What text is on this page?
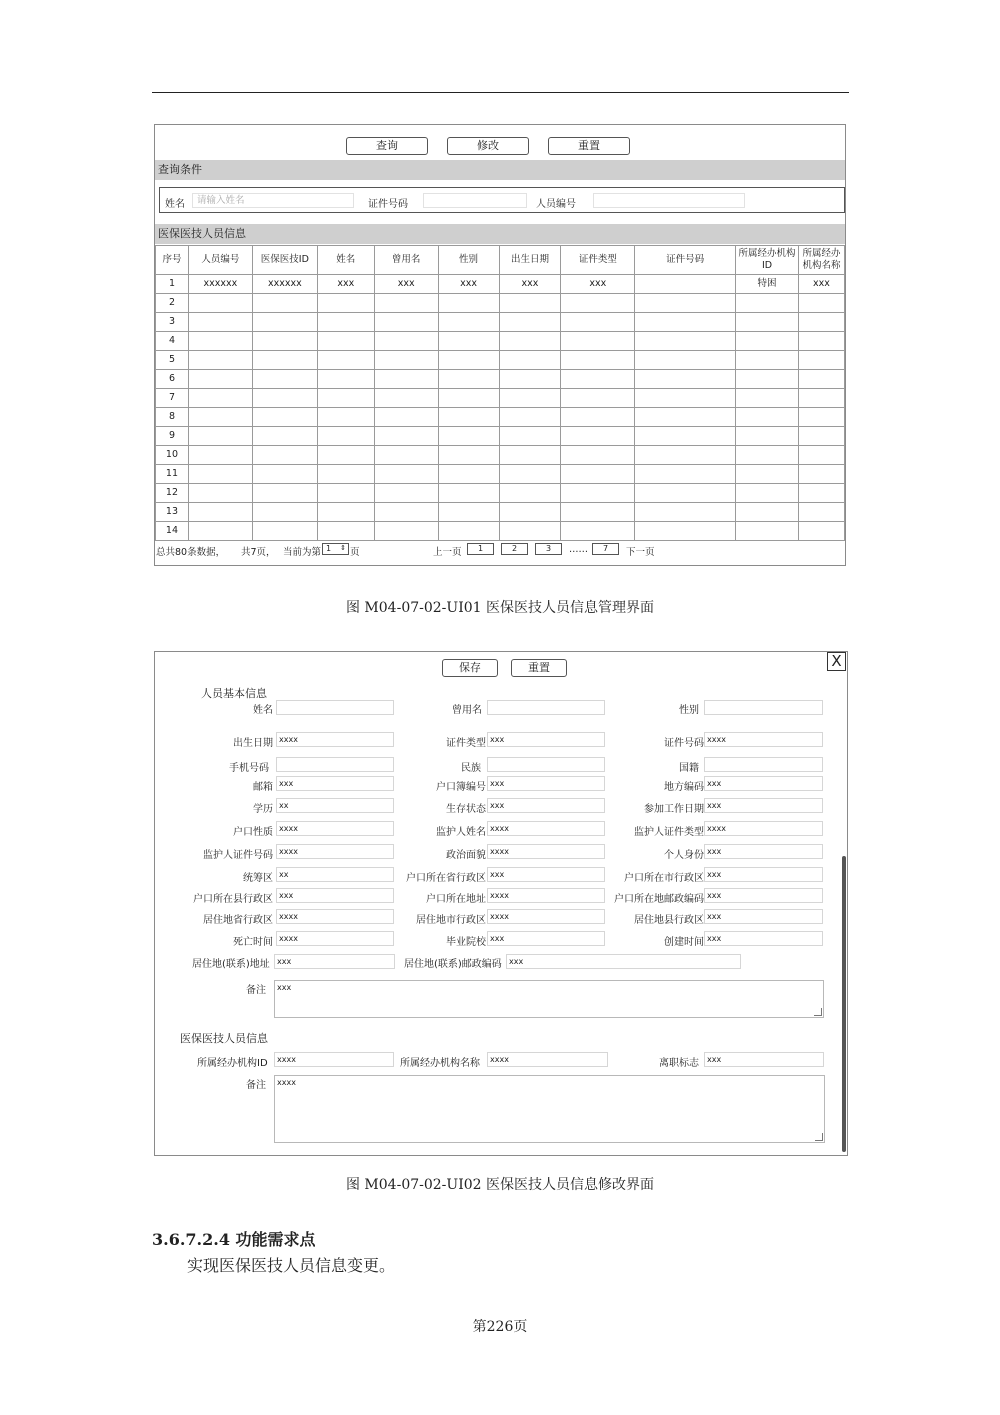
查询	修改	重置
查询条件
姓名	请输入姓名	证件号码	人员编号
医保医技人员信息
序号	人员编号	医保医技ID	姓名	曾用名	性别	出生日期	证件类型	证件号码	所属经办机构ID	所属经办机构名称
1	xxxxxx	xxxxxx	xxx	xxx	xxx	xxx	xxx		特困	xxx
2										
3										
4										
5										
6										
7										
8										
9										
10										
11										
12										
13										
14										
总共80条数据， 共7页， 当前为第 1 ⇕ 页	上一页	1	2	3	……	7	下一页
图 M04-07-02-UI01 医保医技人员信息管理界面
保存	重置	X
人员基本信息
姓名	曾用名	性别
出生日期 xxxx	证件类型 xxx	证件号码 xxxx
邮箱 xxx	户口簿编号 xxx	地方编码 xxx
学历 xx	生存状态 xxx	参加工作日期 xxx
户口性质 xxxx	监护人姓名 xxxx	监护人证件类型 xxxx
监护人证件号码 xxxx	政治面貌 xxxx	个人身份 xxx
统筹区 xx	户口所在省行政区 xxx	户口所在市行政区 xxx
户口所在县行政区 xxx	户口所在地址 xxxx	户口所在地邮政编码 xxx
居住地省行政区 xxxx	居住地市行政区 xxxx	居住地县行政区 xxx
死亡时间 xxxx	毕业院校 xxx	创建时间 xxx
手机号码	民族	国籍
居住地(联系)地址 xxx	居住地(联系)邮政编码 xxx
备注	xxx
医保医技人员信息
所属经办机构ID	xxxx	所属经办机构名称	xxxx	离职标志	xxx
备注	xxxx
图 M04-07-02-UI02 医保医技人员信息修改界面
3.6.7.2.4 功能需求点
实现医保医技人员信息变更。
第226页
